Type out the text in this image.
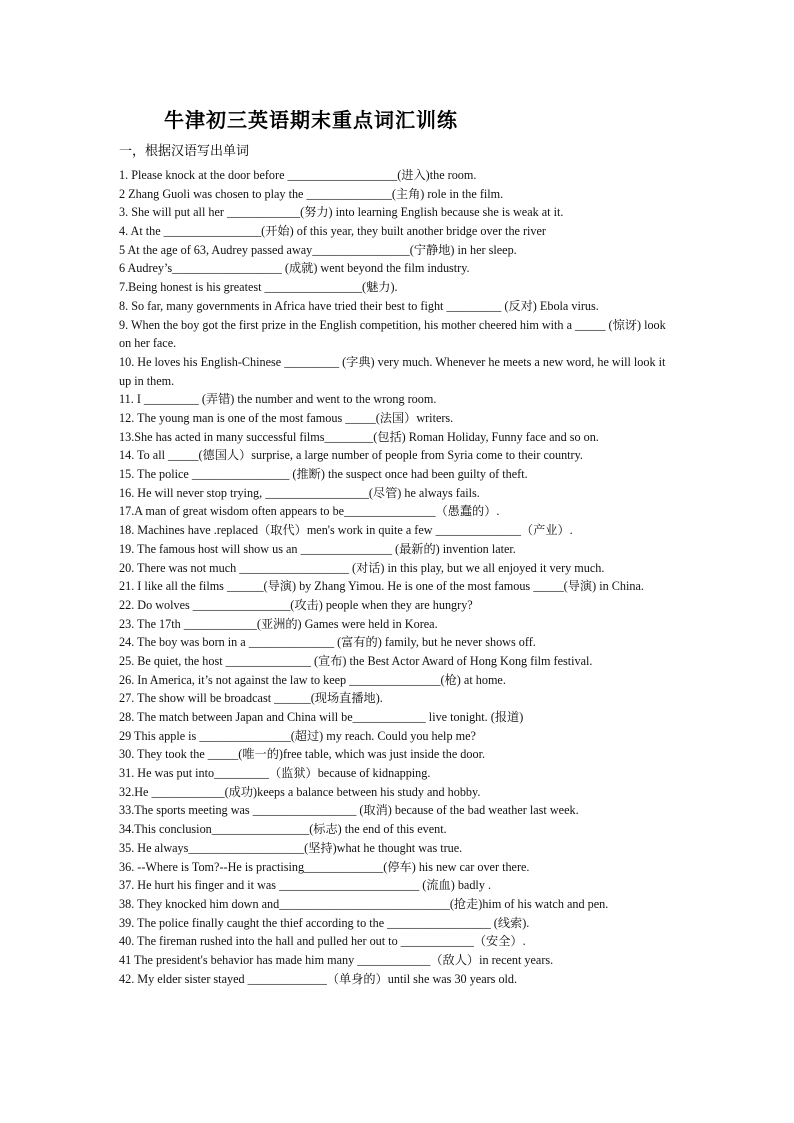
牛津初三英语期末重点词汇训练
一，根据汉语写出单词
1. Please knock at the door before __________________(进入)the room.
2 Zhang Guoli was chosen to play the ______________(主角) role in the film.
3. She will put all her ____________(努力) into learning English because she is weak at it.
4. At the ________________(开始) of this year, they built another bridge over the river
5 At the age of 63, Audrey passed away________________(宁静地) in her sleep.
6 Audrey’s__________________ (成就) went beyond the film industry.
7.Being honest is his greatest ________________(魅力).
8. So far, many governments in Africa have tried their best to fight _________ (反对) Ebola virus.
9. When the boy got the first prize in the English competition, his mother cheered him with a _____ (惊讶) look on her face.
10. He loves his English-Chinese _________ (字典) very much. Whenever he meets a new word, he will look it up in them.
11. I _________ (弄错) the number and went to the wrong room.
12. The young man is one of the most famous _____(法国）writers.
13.She has acted in many successful films________(包括) Roman Holiday, Funny face and so on.
14. To all _____(德国人）surprise, a large number of people from Syria come to their country.
15. The police ________________ (推断) the suspect once had been guilty of theft.
16. He will never stop trying, _________________(尽管) he always fails.
17.A man of great wisdom often appears to be_______________（愚蠢的）.
18. Machines have .replaced（取代）men's work in quite a few ______________（产业）.
19. The famous host will show us an _______________ (最新的) invention later.
20. There was not much __________________ (对话) in this play, but we all enjoyed it very much.
21. I like all the films ______(导演) by Zhang Yimou. He is one of the most famous _____(导演) in China.
22. Do wolves ________________(攻击) people when they are hungry?
23. The 17th ____________(亚洲的) Games were held in Korea.
24. The boy was born in a ______________ (富有的) family, but he never shows off.
25. Be quiet, the host ______________ (宣布) the Best Actor Award of Hong Kong film festival.
26. In America, it’s not against the law to keep _______________(枪) at home.
27. The show will be broadcast ______(现场直播地).
28. The match between Japan and China will be____________ live tonight. (报道)
29 This apple is _______________(超过) my reach. Could you help me?
30. They took the _____(唯一的)free table, which was just inside the door.
31. He was put into_________（监狱）because of kidnapping.
32.He ____________(成功)keeps a balance between his study and hobby.
33.The sports meeting was _________________ (取消) because of the bad weather last week.
34.This conclusion________________(标志) the end of this event.
35. He always___________________(坚持)what he thought was true.
36. --Where is Tom?--He is practising_____________(停车) his new car over there.
37. He hurt his finger and it was _______________________ (流血) badly .
38. They knocked him down and____________________________(抢走)him of his watch and pen.
39. The police finally caught the thief according to the _________________ (线索).
40. The fireman rushed into the hall and pulled her out to ____________（安全）.
41 The president's behavior has made him many ____________（敌人）in recent years.
42. My elder sister stayed _____________（单身的）until she was 30 years old.
